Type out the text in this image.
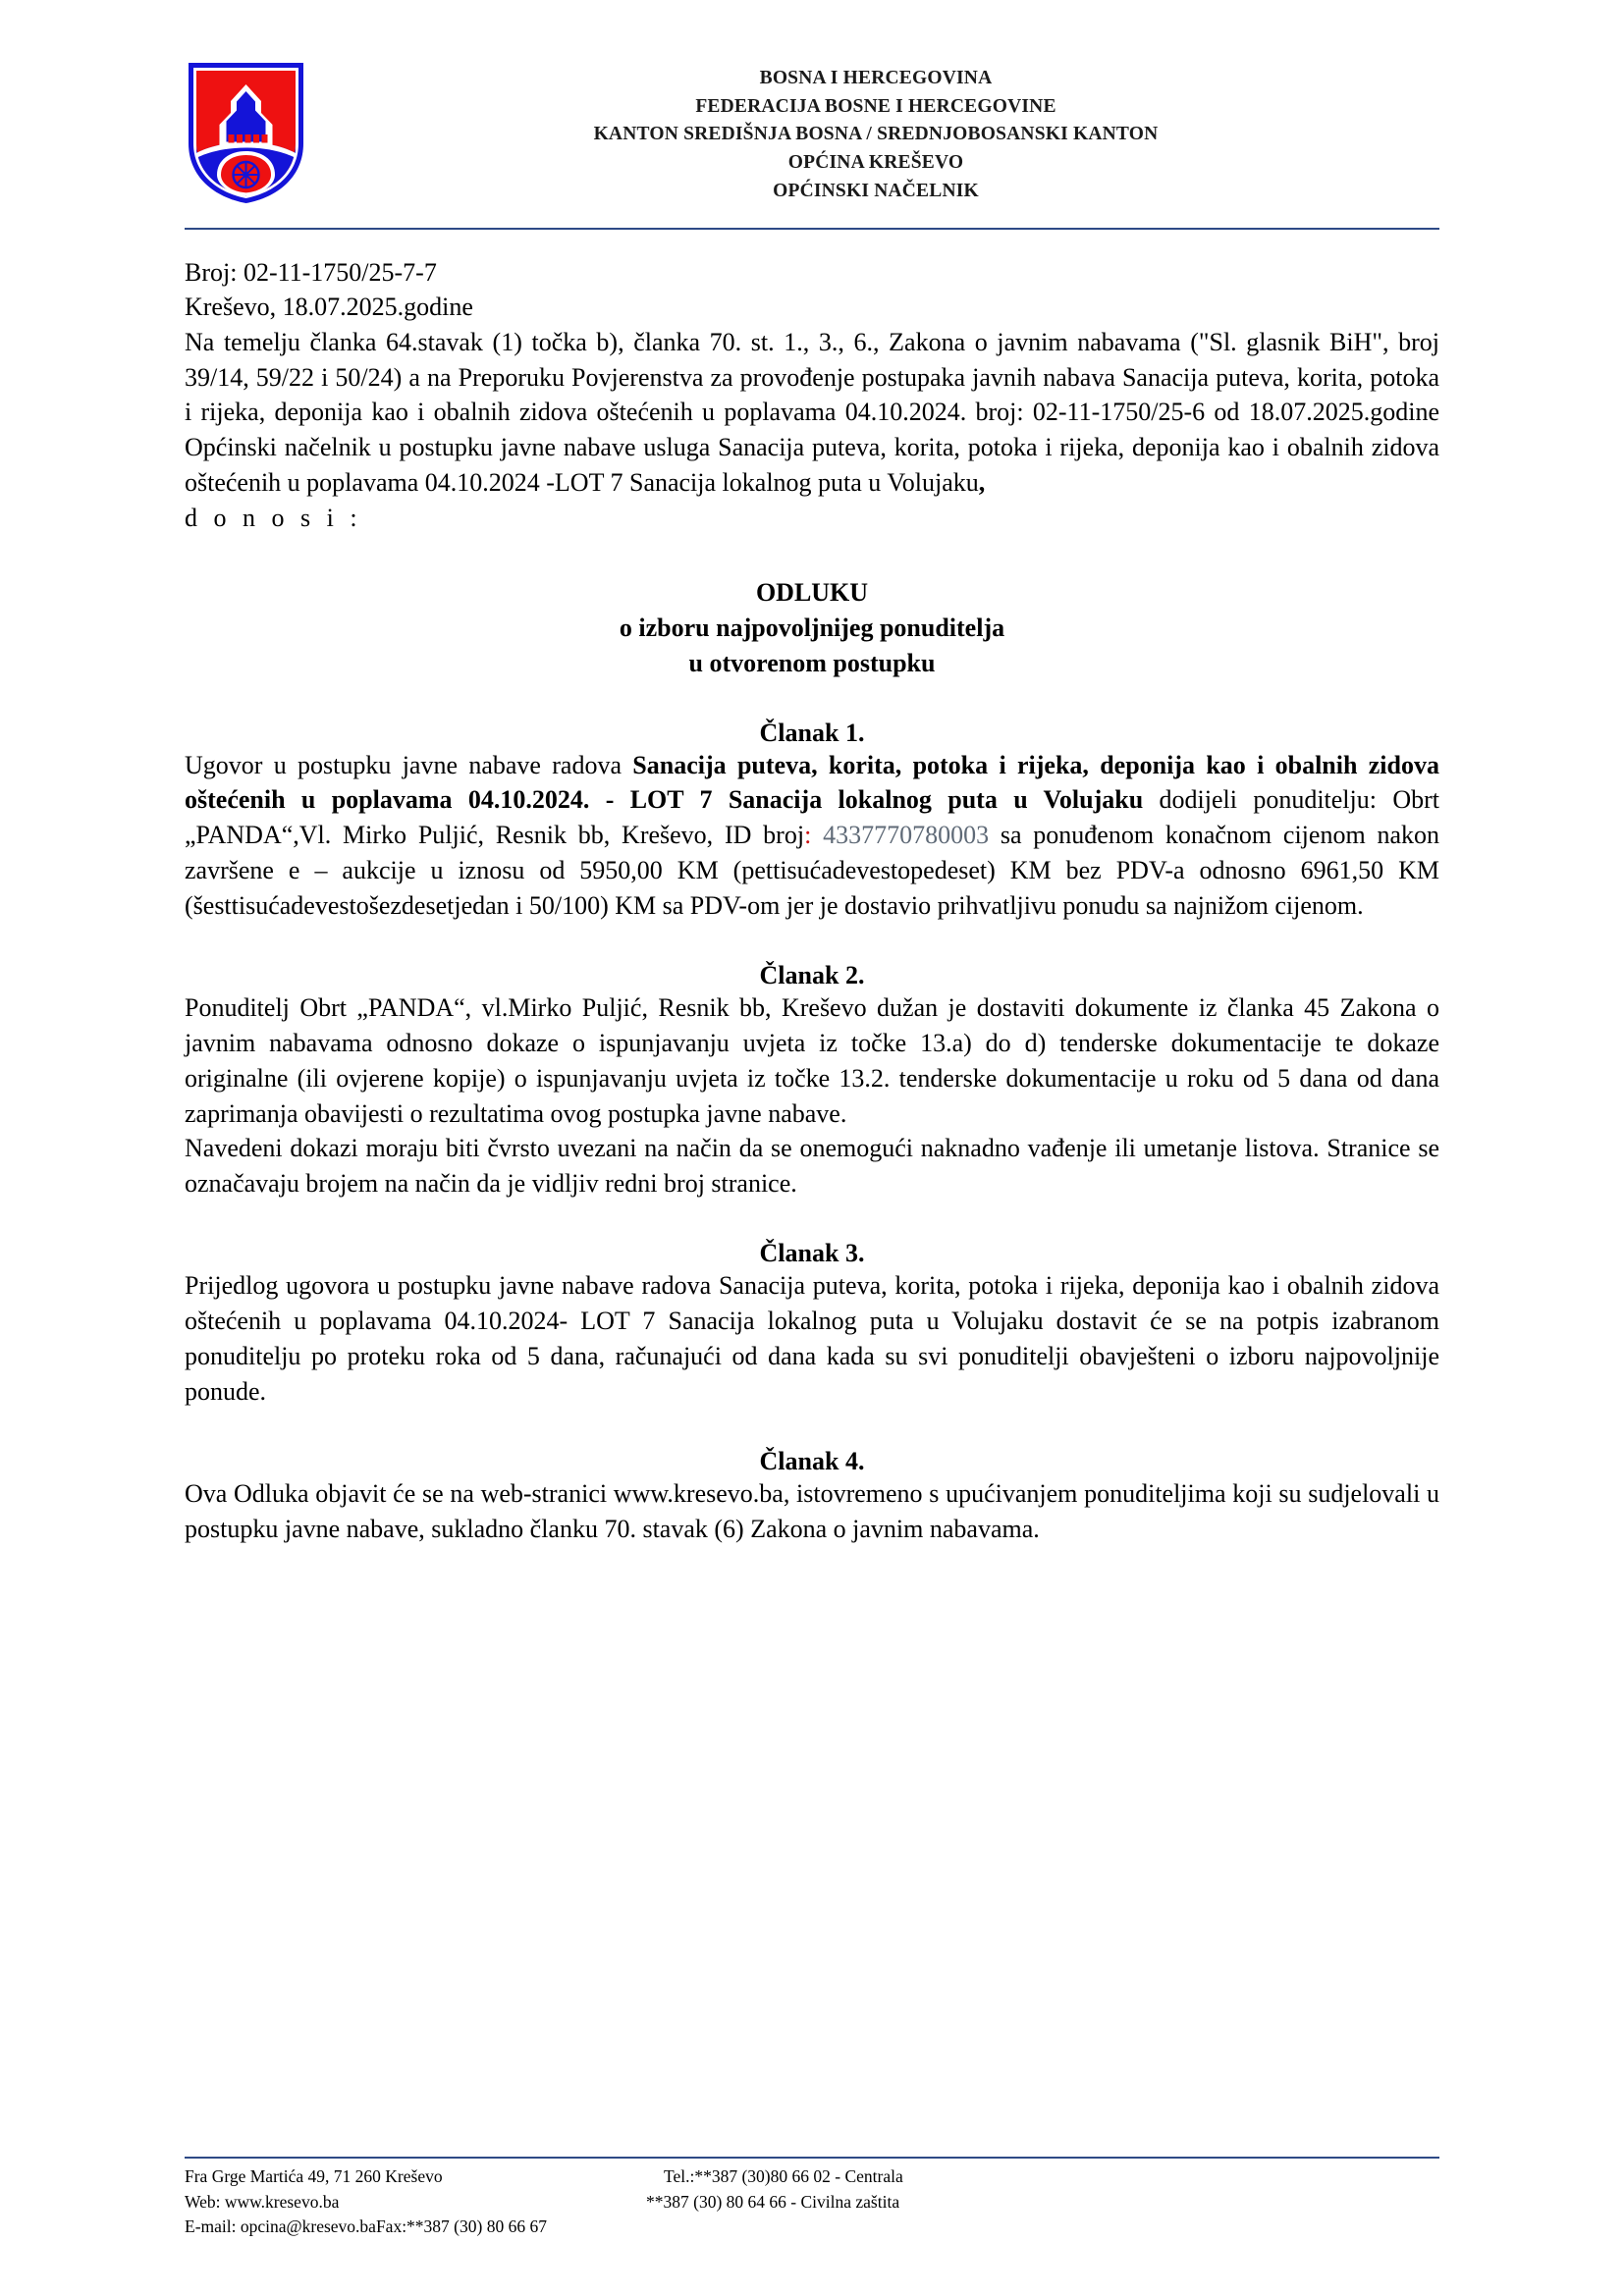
BOSNA I HERCEGOVINA
FEDERACIJA BOSNE I HERCEGOVINE
KANTON SREDIŠNJA BOSNA / SREDNJOBOSANSKI KANTON
OPĆINA KREŠEVO
OPĆINSKI NAČELNIK
Broj: 02-11-1750/25-7-7
Kreševo, 18.07.2025.godine

Na temelju članka 64.stavak (1) točka b), članka 70. st. 1., 3., 6., Zakona o javnim nabavama ("Sl. glasnik BiH", broj 39/14, 59/22 i 50/24) a na Preporuku Povjerenstva za provođenje postupaka javnih nabava Sanacija puteva, korita, potoka i rijeka, deponija kao i obalnih zidova oštećenih u poplavama 04.10.2024. broj: 02-11-1750/25-6 od 18.07.2025.godine Općinski načelnik u postupku javne nabave usluga Sanacija puteva, korita, potoka i rijeka, deponija kao i obalnih zidova oštećenih u poplavama 04.10.2024 -LOT 7 Sanacija lokalnog puta u Volujaku,
d o n o s i :

ODLUKU
o izboru najpovoljnijeg ponuditelja
u otvorenom postupku
Članak 1.

Ugovor u postupku javne nabave radova Sanacija puteva, korita, potoka i rijeka, deponija kao i obalnih zidova oštećenih u poplavama 04.10.2024. - LOT 7 Sanacija lokalnog puta u Volujaku dodijeli ponuditelju: Obrt „PANDA“,Vl. Mirko Puljić, Resnik bb, Kreševo, ID broj: 4337770780003 sa ponuđenom konačnom cijenom nakon završene e – aukcije u iznosu od 5950,00 KM (pettisućadevestopedeset) KM bez PDV-a odnosno 6961,50 KM (šesttisućadevestošezdesetjedan i 50/100) KM sa PDV-om jer je dostavio prihvatljivu ponudu sa najnižom cijenom.

Članak 2.

Ponuditelj Obrt „PANDA“, vl.Mirko Puljić, Resnik bb, Kreševo dužan je dostaviti dokumente iz članka 45 Zakona o javnim nabavama odnosno dokaze o ispunjavanju uvjeta iz točke 13.a) do d) tenderske dokumentacije te dokaze originalne (ili ovjerene kopije) o ispunjavanju uvjeta iz točke 13.2. tenderske dokumentacije u roku od 5 dana od dana zaprimanja obavijesti o rezultatima ovog postupka javne nabave.

Navedeni dokazi moraju biti čvrsto uvezani na način da se onemogući naknadno vađenje ili umetanje listova. Stranice se označavaju brojem na način da je vidljiv redni broj stranice.

Članak 3.

Prijedlog ugovora u postupku javne nabave radova Sanacija puteva, korita, potoka i rijeka, deponija kao i obalnih zidova oštećenih u poplavama 04.10.2024- LOT 7 Sanacija lokalnog puta u Volujaku dostavit će se na potpis izabranom ponuditelju po proteku roka od 5 dana, računajući od dana kada su svi ponuditelji obavješteni o izboru najpovoljnije ponude.

Članak 4.

Ova Odluka objavit će se na web-stranici www.kresevo.ba, istovremeno s upućivanjem ponuditeljima koji su sudjelovali u postupku javne nabave, sukladno članku 70. stavak (6) Zakona o javnim nabavama.

Fra Grge Martića 49, 71 260 Kreševo	Tel.:**387 (30)80 66 02 - Centrala
Web: www.kresevo.ba	**387 (30) 80 64 66 - Civilna zaštita
E-mail: opcina@kresevo.ba Fax:**387 (30) 80 66 67
